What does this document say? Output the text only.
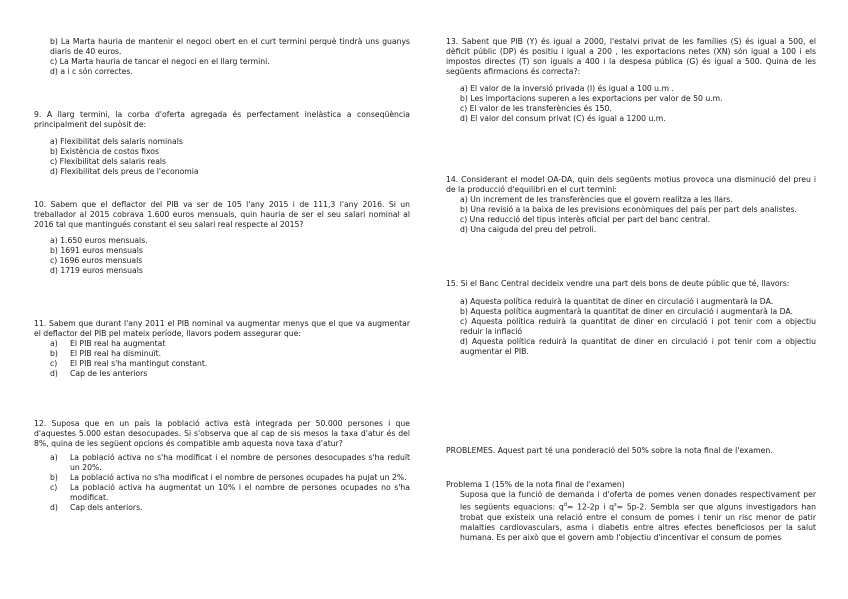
b) La Marta hauria de mantenir el negoci obert en el curt termini perquè tindrà uns guanys diaris de 40 euros.

c) La Marta hauria de tancar el negoci en el llarg termini.

d) a i c són correctes.

9. A llarg termini, la corba d'oferta agregada és perfectament inelàstica a conseqüència principalment del supòsit de:

a) Flexibilitat dels salaris nominals

b) Existència de costos fixos

c) Flexibilitat dels salaris reals

d) Flexibilitat dels preus de l'economia

10. Sabem que el deflactor del PIB va ser de 105 l'any 2015 i de 111,3 l'any 2016. Si un treballador al 2015 cobrava 1.600 euros mensuals, quin hauria de ser el seu salari nominal al 2016 tal que mantingués constant el seu salari real respecte al 2015?

a) 1.650 euros mensuals.

b) 1691 euros mensuals

c) 1696 euros mensuals

d) 1719 euros mensuals

11. Sabem que durant l'any 2011 el PIB nominal va augmentar menys que el que va augmentar el deflactor del PIB pel mateix període, llavors podem assegurar que:

a)	El PIB real ha augmentat
b)	El PIB real ha disminuït.
c)	El PIB real s'ha mantingut constant.
d)	Cap de les anteriors

12. Suposa que en un país la població activa està integrada per 50.000 persones i que d'aquestes 5.000 estan desocupades. Si s'observa que al cap de sis mesos la taxa d'atur és del 8%, quina de les següent opcions és compatible amb aquesta nova taxa d'atur?

a)	La població activa no s'ha modificat i el nombre de persones desocupades s'ha reduït un 20%.
b)	La població activa no s'ha modificat i el nombre de persones ocupades ha pujat un 2%.
c)	La població activa ha augmentat un 10% i el nombre de persones ocupades no s'ha modificat.
d)	Cap dels anteriors.

13. Sabent que PIB (Y) és igual a 2000, l'estalvi privat de les famílies (S) és igual a 500, el dèficit públic (DP) és positiu i igual a 200 , les exportacions netes (XN) són igual a 100 i els impostos directes (T) son iguals a 400 i la despesa pública (G) és igual a 500. Quina de les següents afirmacions és correcta?:

a) El valor de la inversió privada (I) és igual a 100 u.m .

b) Les importacions superen a les exportacions per valor de 50 u.m.

c) El valor de les transferències és 150.

d) El valor del consum privat (C) és igual a 1200 u.m.

14. Considerant el model OA-DA, quin dels següents motius provoca una disminució del preu i de la producció d'equilibri en el curt termini:

a) Un increment de les transferències que el govern realitza a les llars.

b) Una revisió a la baixa de les previsions econòmiques del país per part dels analistes.

c) Una reducció del tipus interès oficial per part del banc central.

d) Una caiguda del preu del petroli.

15. Si el Banc Central decideix vendre una part dels bons de deute públic que té, llavors:

a) Aquesta política reduirà la quantitat de diner en circulació i augmentarà la DA.

b) Aquesta política augmentarà la quantitat de diner en circulació i augmentarà la DA.

c) Aquesta política reduirà la quantitat de diner en circulació i pot tenir com a objectiu reduir la inflació

d) Aquesta política reduirà la quantitat de diner en circulació i pot tenir com a objectiu augmentar el PIB.

PROBLEMES. Aquest part té una ponderació del 50% sobre la nota final de l'examen.

Problema 1 (15% de la nota final de l'examen)

Suposa que la funció de demanda i d'oferta de pomes venen donades respectivament per les següents equacions: $q^d= 12-2p$ i $q^s= 5p-2$. Sembla ser que alguns investigadors han trobat que existeix una relació entre el consum de pomes i tenir un risc menor de patir malalties cardiovasculars, asma i diabetis entre altres efectes beneficiosos per la salut humana. Es per això que el govern amb l'objectiu d'incentivar el consum de pomes
